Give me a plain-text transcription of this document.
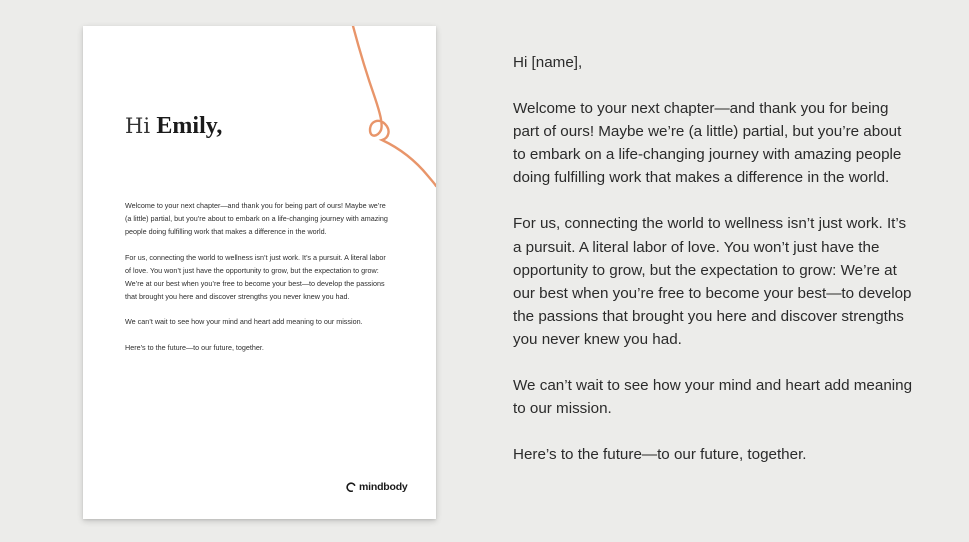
Hi Emily,

Welcome to your next chapter—and thank you for being part of ours! Maybe we’re (a little) partial, but you’re about to embark on a life-changing journey with amazing people doing fulfilling work that makes a difference in the world.

For us, connecting the world to wellness isn’t just work. It’s a pursuit. A literal labor of love. You won’t just have the opportunity to grow, but the expectation to grow: We’re at our best when you’re free to become your best—to develop the passions that brought you here and discover strengths you never knew you had.

We can’t wait to see how your mind and heart add meaning to our mission.

Here’s to the future—to our future, together.

mindbody

Hi [name],

Welcome to your next chapter—and thank you for being part of ours! Maybe we’re (a little) partial, but you’re about to embark on a life-changing journey with amazing people doing fulfilling work that makes a difference in the world.

For us, connecting the world to wellness isn’t just work. It’s a pursuit. A literal labor of love. You won’t just have the opportunity to grow, but the expectation to grow: We’re at our best when you’re free to become your best—to develop the passions that brought you here and discover strengths you never knew you had.

We can’t wait to see how your mind and heart add meaning to our mission.

Here’s to the future—to our future, together.
